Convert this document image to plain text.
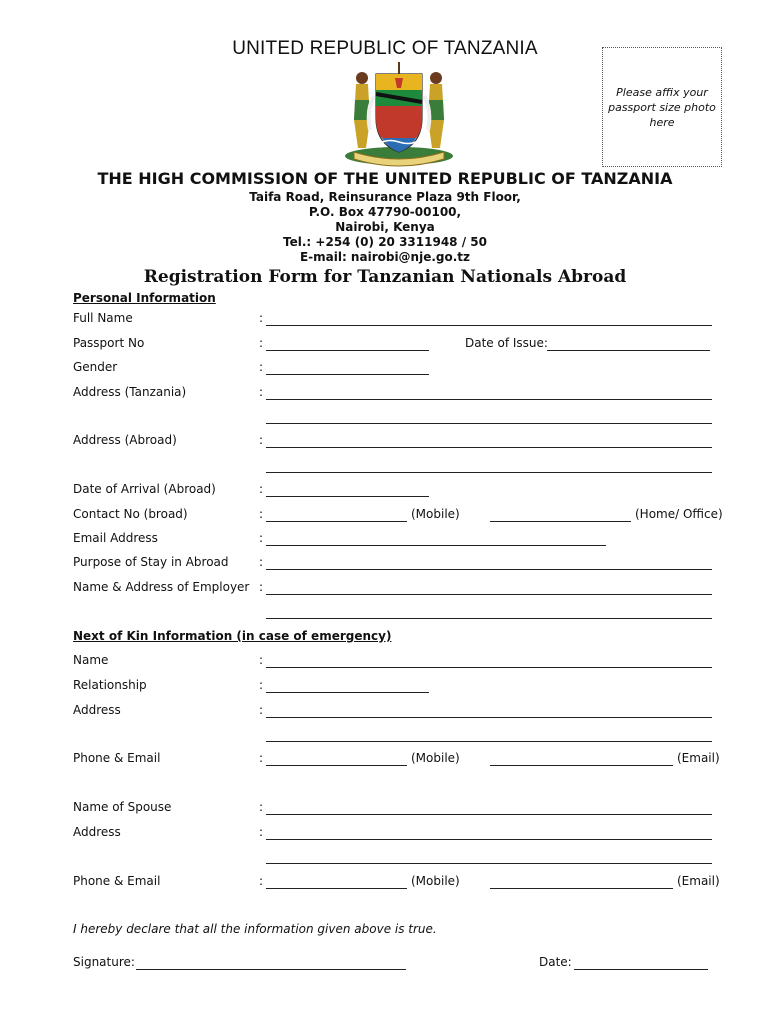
UNITED REPUBLIC OF TANZANIA
Please affix your passport size photo here
THE HIGH COMMISSION OF THE UNITED REPUBLIC OF TANZANIA
Taifa Road, Reinsurance Plaza 9th Floor,
P.O. Box 47790-00100,
Nairobi, Kenya
Tel.: +254 (0) 20 3311948 / 50
E-mail: nairobi@nje.go.tz
Registration Form for Tanzanian Nationals Abroad
Personal Information
Full Name	:
Passport No	:	Date of Issue:
Gender	:
Address (Tanzania)	:
Address (Abroad)	:
Date of Arrival (Abroad)	:
Contact No (broad)	:	(Mobile)	(Home/ Office)
Email Address	:
Purpose of Stay in Abroad	:
Name & Address of Employer :
Next of Kin Information (in case of emergency)
Name	:
Relationship	:
Address	:
Phone & Email	:	(Mobile)	(Email)
Name of Spouse	:
Address	:
Phone & Email	:	(Mobile)	(Email)
I hereby declare that all the information given above is true.
Signature:	Date:
